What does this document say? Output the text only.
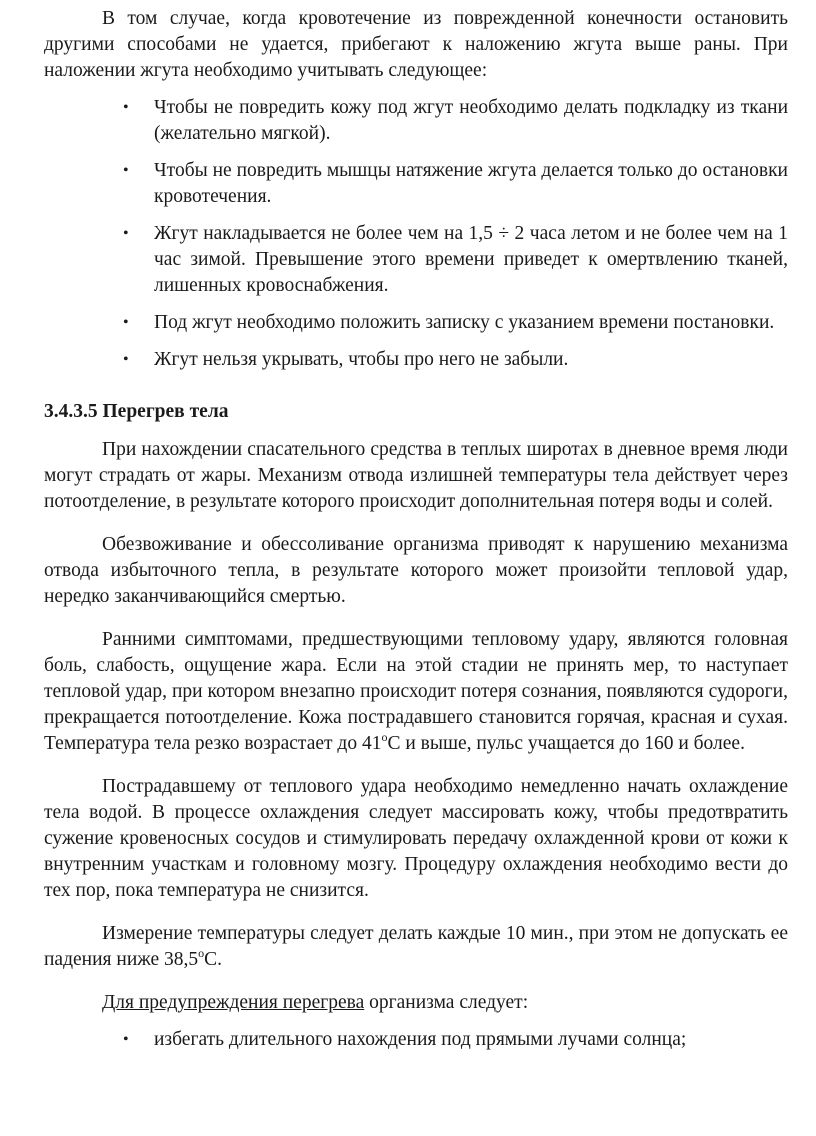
В том случае, когда кровотечение из поврежденной конечности остановить другими способами не удается, прибегают к наложению жгута выше раны. При наложении жгута необходимо учитывать следующее:

• Чтобы не повредить кожу под жгут необходимо делать подкладку из ткани (желательно мягкой).
• Чтобы не повредить мышцы натяжение жгута делается только до остановки кровотечения.
• Жгут накладывается не более чем на 1,5 ÷ 2 часа летом и не более чем на 1 час зимой. Превышение этого времени приведет к омертвлению тканей, лишенных кровоснабжения.
• Под жгут необходимо положить записку с указанием времени постановки.
• Жгут нельзя укрывать, чтобы про него не забыли.
3.4.3.5 Перегрев тела

При нахождении спасательного средства в теплых широтах в дневное время люди могут страдать от жары. Механизм отвода излишней температуры тела действует через потоотделение, в результате которого происходит дополнительная потеря воды и солей.

Обезвоживание и обессоливание организма приводят к нарушению механизма отвода избыточного тепла, в результате которого может произойти тепловой удар, нередко заканчивающийся смертью.

Ранними симптомами, предшествующими тепловому удару, являются головная боль, слабость, ощущение жара. Если на этой стадии не принять мер, то наступает тепловой удар, при котором внезапно происходит потеря сознания, появляются судороги, прекращается потоотделение. Кожа пострадавшего становится горячая, красная и сухая. Температура тела резко возрастает до $41^оС$ и выше, пульс учащается до 160 и более.

Пострадавшему от теплового удара необходимо немедленно начать охлаждение тела водой. В процессе охлаждения следует массировать кожу, чтобы предотвратить сужение кровеносных сосудов и стимулировать передачу охлажденной крови от кожи к внутренним участкам и головному мозгу. Процедуру охлаждения необходимо вести до тех пор, пока температура не снизится.

Измерение температуры следует делать каждые 10 мин., при этом не допускать ее падения ниже $38,5^оС$.

Для предупреждения перегрева организма следует:

• избегать длительного нахождения под прямыми лучами солнца;
